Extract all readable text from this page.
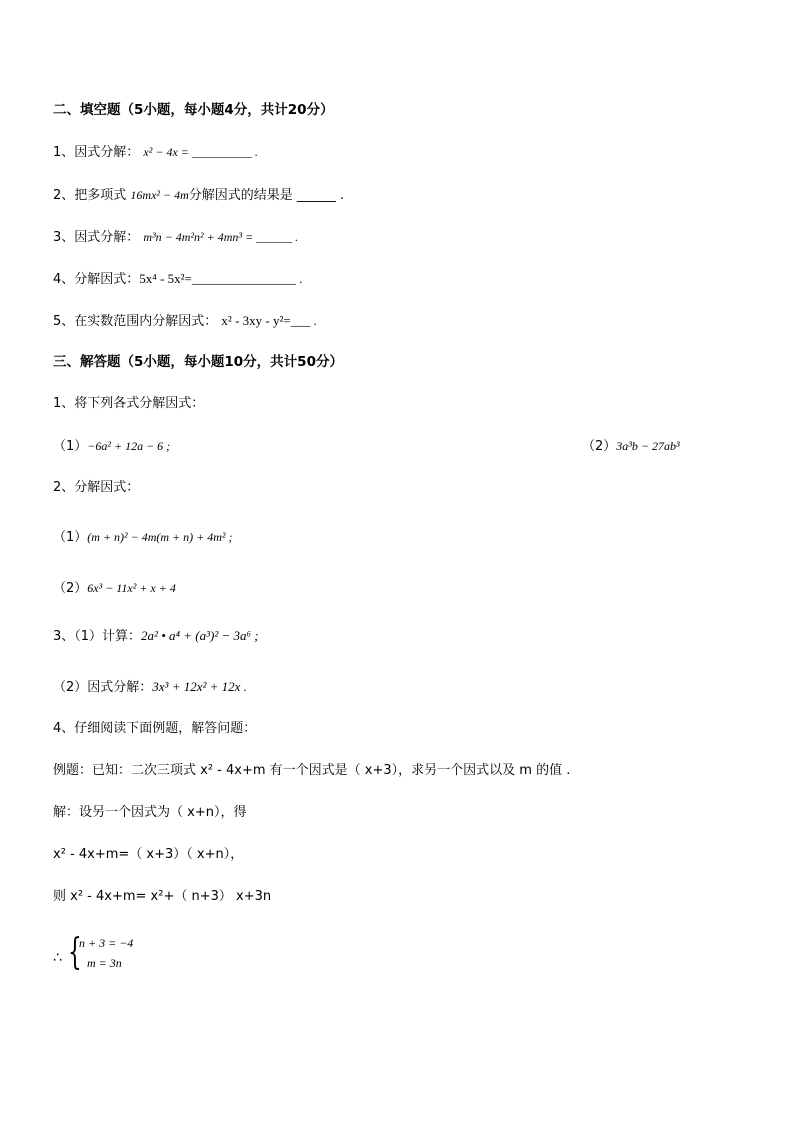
二、填空题（5小题，每小题4分，共计20分）
1、因式分解： x² − 4x = __________ .
2、把多项式 16mx² − 4m分解因式的结果是 ______ .
3、因式分解： m³n − 4m²n² + 4mn³ = ______ .
4、分解因式：5x⁴ - 5x²=________________ .
5、在实数范围内分解因式： x² - 3xy - y²=___ .
三、解答题（5小题，每小题10分，共计50分）
1、将下列各式分解因式：
（1）−6a² + 12a − 6 ;	（2）3a³b − 27ab³
2、分解因式：
（1）(m + n)² − 4m(m + n) + 4m² ;
（2）6x³ − 11x² + x + 4
3、（1）计算：2a² • a⁴ + (a³)² − 3a⁶ ;
（2）因式分解：3x³ + 12x² + 12x .
4、仔细阅读下面例题，解答问题：
例题：已知：二次三项式 x² - 4x+m 有一个因式是（ x+3），求另一个因式以及 m 的值 .
解：设另一个因式为（ x+n），得
x² - 4x+m=（ x+3）（ x+n），
则 x² - 4x+m= x²+（ n+3） x+3n
∴ {
n + 3 = −4
m = 3n
